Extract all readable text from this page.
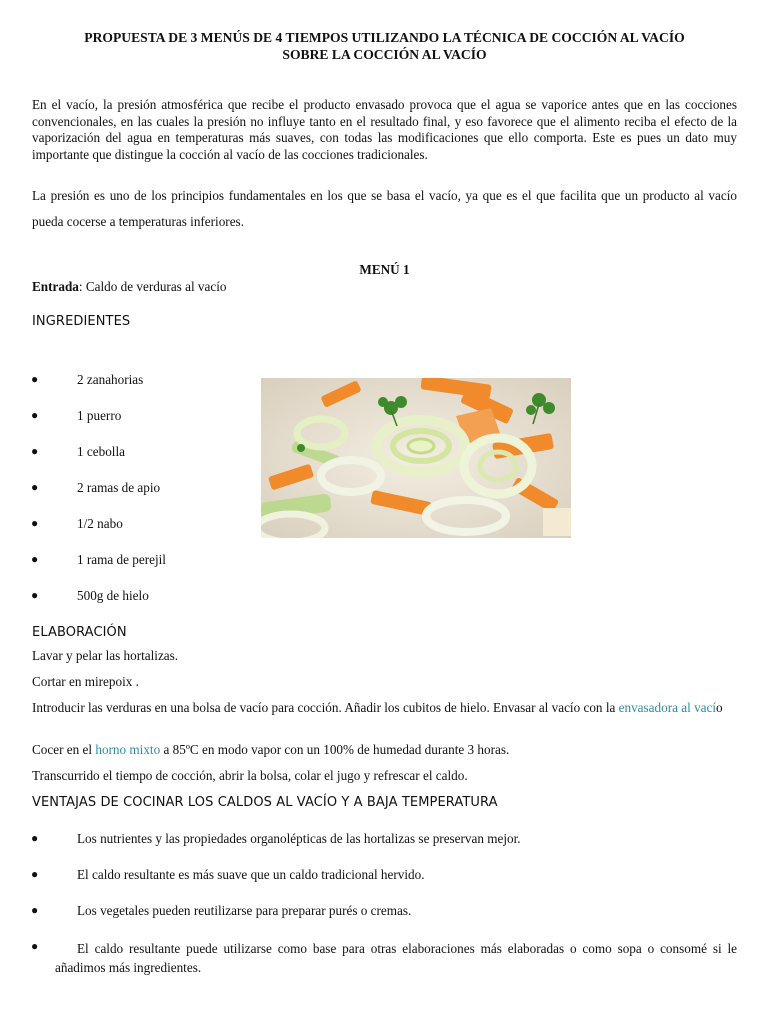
PROPUESTA DE 3 MENÚS DE 4 TIEMPOS UTILIZANDO LA TÉCNICA DE COCCIÓN AL VACÍO
SOBRE LA COCCIÓN AL VACÍO
En el vacío, la presión atmosférica que recibe el producto envasado provoca que el agua se vaporice antes que en las cocciones convencionales, en las cuales la presión no influye tanto en el resultado final, y eso favorece que el alimento reciba el efecto de la vaporización del agua en temperaturas más suaves, con todas las modificaciones que ello comporta. Este es pues un dato muy importante que distingue la cocción al vacío de las cocciones tradicionales.
La presión es uno de los principios fundamentales en los que se basa el vacío, ya que es el que facilita que un producto al vacío pueda cocerse a temperaturas inferiores.
MENÚ 1
Entrada: Caldo de verduras al vacío
INGREDIENTES
●	2 zanahorias
●	1 puerro
●	1 cebolla
●	2 ramas de apio
●	1/2 nabo
●	1 rama de perejil
●	500g de hielo
ELABORACIÓN
Lavar y pelar las hortalizas.
Cortar en mirepoix .
Introducir las verduras en una bolsa de vacío para cocción. Añadir los cubitos de hielo. Envasar al vacío con la envasadora al vacío
Cocer en el horno mixto a 85ºC en modo vapor con un 100% de humedad durante 3 horas.
Transcurrido el tiempo de cocción, abrir la bolsa, colar el jugo y refrescar el caldo.
VENTAJAS DE COCINAR LOS CALDOS AL VACÍO Y A BAJA TEMPERATURA
●	Los nutrientes y las propiedades organolépticas de las hortalizas se preservan mejor.
●	El caldo resultante es más suave que un caldo tradicional hervido.
●	Los vegetales pueden reutilizarse para preparar purés o cremas.
●	El caldo resultante puede utilizarse como base para otras elaboraciones más elaboradas o como sopa o consomé si le añadimos más ingredientes.
